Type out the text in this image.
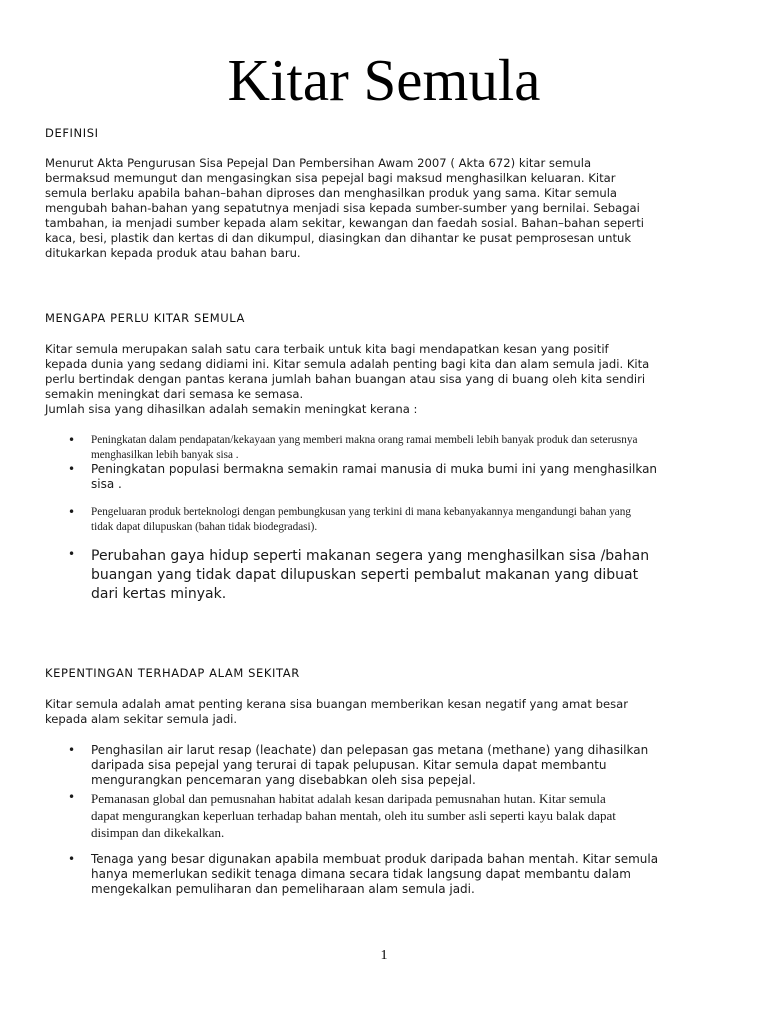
Kitar Semula
DEFINISI

Menurut Akta Pengurusan Sisa Pepejal Dan Pembersihan Awam 2007 ( Akta 672) kitar semula
bermaksud memungut dan mengasingkan sisa pepejal bagi maksud menghasilkan keluaran. Kitar
semula berlaku apabila bahan–bahan diproses dan menghasilkan produk yang sama. Kitar semula
mengubah bahan-bahan yang sepatutnya menjadi sisa kepada sumber-sumber yang bernilai. Sebagai
tambahan, ia menjadi sumber kepada alam sekitar, kewangan dan faedah sosial. Bahan–bahan seperti
kaca, besi, plastik dan kertas di dan dikumpul, diasingkan dan dihantar ke pusat pemprosesan untuk
ditukarkan kepada produk atau bahan baru.

MENGAPA PERLU KITAR SEMULA

Kitar semula merupakan salah satu cara terbaik untuk kita bagi mendapatkan kesan yang positif
kepada dunia yang sedang didiami ini. Kitar semula adalah penting bagi kita dan alam semula jadi. Kita
perlu bertindak dengan pantas kerana jumlah bahan buangan atau sisa yang di buang oleh kita sendiri
semakin meningkat dari semasa ke semasa.
Jumlah sisa yang dihasilkan adalah semakin meningkat kerana :

• Peningkatan dalam pendapatan/kekayaan yang memberi makna orang ramai membeli lebih banyak produk dan seterusnya
menghasilkan lebih banyak sisa .

• Peningkatan populasi bermakna semakin ramai manusia di muka bumi ini yang menghasilkan
sisa .

• Pengeluaran produk berteknologi dengan pembungkusan yang terkini di mana kebanyakannya mengandungi bahan yang
tidak dapat dilupuskan (bahan tidak biodegradasi).

• Perubahan gaya hidup seperti makanan segera yang menghasilkan sisa /bahan
buangan yang tidak dapat dilupuskan seperti pembalut makanan yang dibuat
dari kertas minyak.

KEPENTINGAN TERHADAP ALAM SEKITAR

Kitar semula adalah amat penting kerana sisa buangan memberikan kesan negatif yang amat besar
kepada alam sekitar semula jadi.

• Penghasilan air larut resap (leachate) dan pelepasan gas metana (methane) yang dihasilkan
daripada sisa pepejal yang terurai di tapak pelupusan. Kitar semula dapat membantu
mengurangkan pencemaran yang disebabkan oleh sisa pepejal.

• Pemanasan global dan pemusnahan habitat adalah kesan daripada pemusnahan hutan. Kitar semula
dapat mengurangkan keperluan terhadap bahan mentah, oleh itu sumber asli seperti kayu balak dapat
disimpan dan dikekalkan.

• Tenaga yang besar digunakan apabila membuat produk daripada bahan mentah. Kitar semula
hanya memerlukan sedikit tenaga dimana secara tidak langsung dapat membantu dalam
mengekalkan pemuliharan dan pemeliharaan alam semula jadi.

1
